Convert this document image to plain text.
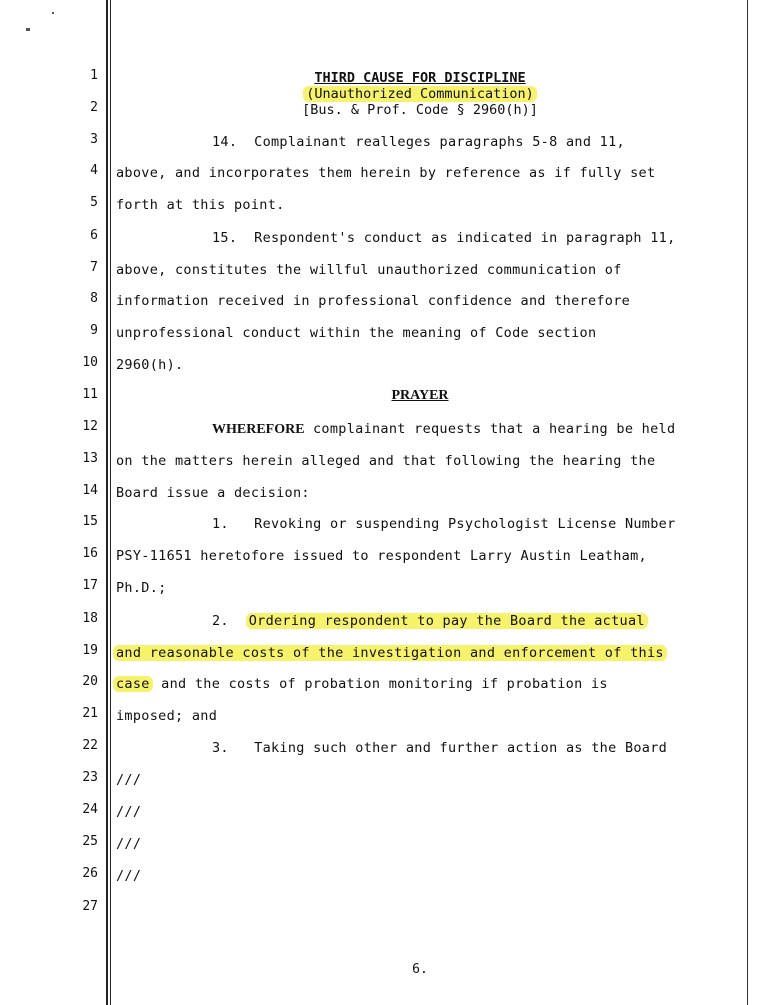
1
2
3
4
5
6
7
8
9
10
11
12
13
14
15
16
17
18
19
20
21
22
23
24
25
26
27
THIRD CAUSE FOR DISCIPLINE
(Unauthorized Communication)
[Bus. & Prof. Code § 2960(h)]
14.  Complainant realleges paragraphs 5-8 and 11,
above, and incorporates them herein by reference as if fully set
forth at this point.
15.  Respondent's conduct as indicated in paragraph 11,
above, constitutes the willful unauthorized communication of
information received in professional confidence and therefore
unprofessional conduct within the meaning of Code section
2960(h).
PRAYER
WHEREFORE complainant requests that a hearing be held
on the matters herein alleged and that following the hearing the
Board issue a decision:
1.   Revoking or suspending Psychologist License Number
PSY-11651 heretofore issued to respondent Larry Austin Leatham,
Ph.D.;
2.  Ordering respondent to pay the Board the actual
and reasonable costs of the investigation and enforcement of this
case and the costs of probation monitoring if probation is
imposed; and
3.   Taking such other and further action as the Board
///
///
///
///
6.
